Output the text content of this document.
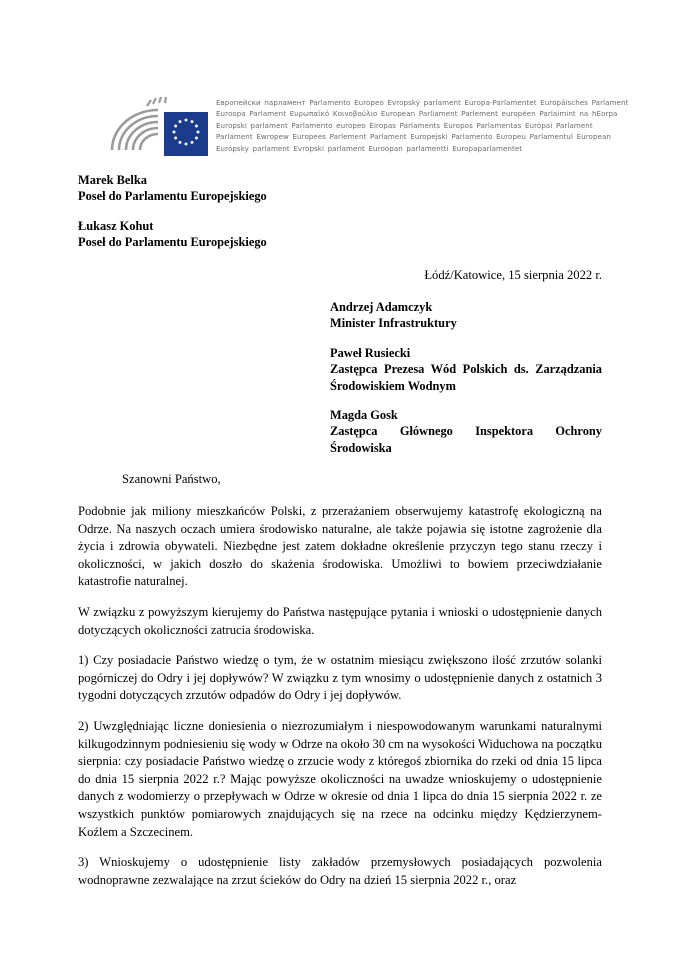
Европейски парламент Parlamento Europeo Evropský parlament Europa-Parlamentet Europäisches Parlament
Euroopa Parlament Ευρωπαϊκό Κοινοβούλιο European Parliament Parlement européen Parlaimint na hEorpa
Europski parlament Parlamento europeo Eiropas Parlaments Europos Parlamentas Európai Parlament
Parlament Ewropew Europees Parlement Parlament Europejski Parlamento Europeu Parlamentul European
Európsky parlament Evropski parlament Euroopan parlamentti Europaparlamentet
Marek Belka
Poseł do Parlamentu Europejskiego
Łukasz Kohut
Poseł do Parlamentu Europejskiego
Łódź/Katowice, 15 sierpnia 2022 r.
Andrzej Adamczyk
Minister Infrastruktury
Paweł Rusiecki
Zastępca Prezesa Wód Polskich ds. Zarządzania Środowiskiem Wodnym
Magda Gosk
Zastępca Głównego Inspektora Ochrony Środowiska
Szanowni Państwo,

Podobnie jak miliony mieszkańców Polski, z przerażaniem obserwujemy katastrofę ekologiczną na Odrze. Na naszych oczach umiera środowisko naturalne, ale także pojawia się istotne zagrożenie dla życia i zdrowia obywateli. Niezbędne jest zatem dokładne określenie przyczyn tego stanu rzeczy i okoliczności, w jakich doszło do skażenia środowiska. Umożliwi to bowiem przeciwdziałanie katastrofie naturalnej.

W związku z powyższym kierujemy do Państwa następujące pytania i wnioski o udostępnienie danych dotyczących okoliczności zatrucia środowiska.

1) Czy posiadacie Państwo wiedzę o tym, że w ostatnim miesiącu zwiększono ilość zrzutów solanki pogórniczej do Odry i jej dopływów? W związku z tym wnosimy o udostępnienie danych z ostatnich 3 tygodni dotyczących zrzutów odpadów do Odry i jej dopływów.

2) Uwzględniając liczne doniesienia o niezrozumiałym i niespowodowanym warunkami naturalnymi kilkugodzinnym podniesieniu się wody w Odrze na około 30 cm na wysokości Widuchowa na początku sierpnia: czy posiadacie Państwo wiedzę o zrzucie wody z któregoś zbiornika do rzeki od dnia 15 lipca do dnia 15 sierpnia 2022 r.? Mając powyższe okoliczności na uwadze wnioskujemy o udostępnienie danych z wodomierzy o przepływach w Odrze w okresie od dnia 1 lipca do dnia 15 sierpnia 2022 r. ze wszystkich punktów pomiarowych znajdujących się na rzece na odcinku między Kędzierzynem-Koźlem a Szczecinem.

3) Wnioskujemy o udostępnienie listy zakładów przemysłowych posiadających pozwolenia wodnoprawne zezwalające na zrzut ścieków do Odry na dzień 15 sierpnia 2022 r., oraz
